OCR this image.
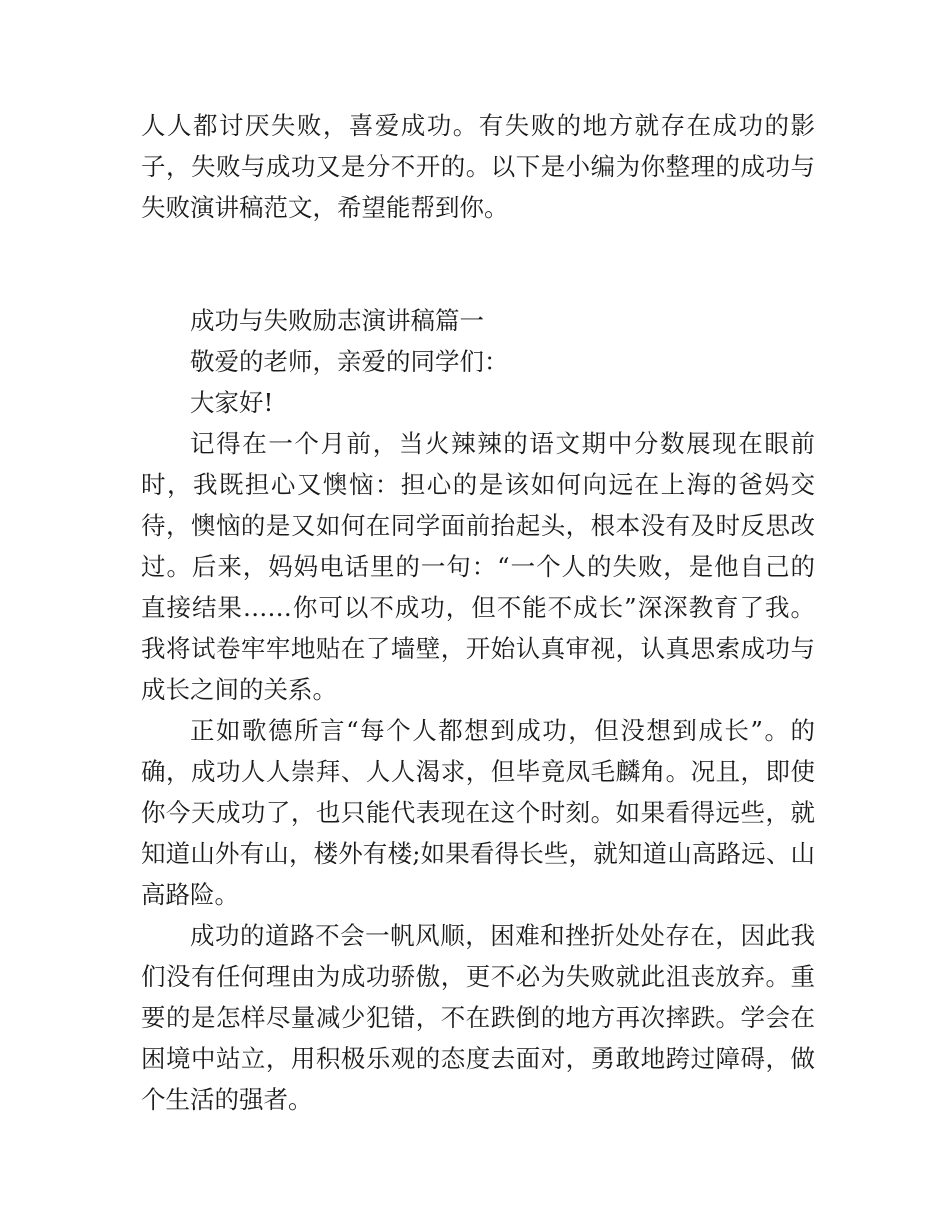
人人都讨厌失败，喜爱成功。有失败的地方就存在成功的影子，失败与成功又是分不开的。以下是小编为你整理的成功与失败演讲稿范文，希望能帮到你。

成功与失败励志演讲稿篇一

敬爱的老师，亲爱的同学们：

大家好!

记得在一个月前，当火辣辣的语文期中分数展现在眼前时，我既担心又懊恼：担心的是该如何向远在上海的爸妈交待，懊恼的是又如何在同学面前抬起头，根本没有及时反思改过。后来，妈妈电话里的一句：“一个人的失败，是他自己的直接结果……你可以不成功，但不能不成长”深深教育了我。我将试卷牢牢地贴在了墙壁，开始认真审视，认真思索成功与成长之间的关系。

正如歌德所言“每个人都想到成功，但没想到成长”。的确，成功人人崇拜、人人渴求，但毕竟凤毛麟角。况且，即使你今天成功了，也只能代表现在这个时刻。如果看得远些，就知道山外有山，楼外有楼;如果看得长些，就知道山高路远、山高路险。

成功的道路不会一帆风顺，困难和挫折处处存在，因此我们没有任何理由为成功骄傲，更不必为失败就此沮丧放弃。重要的是怎样尽量减少犯错，不在跌倒的地方再次摔跌。学会在困境中站立，用积极乐观的态度去面对，勇敢地跨过障碍，做个生活的强者。
